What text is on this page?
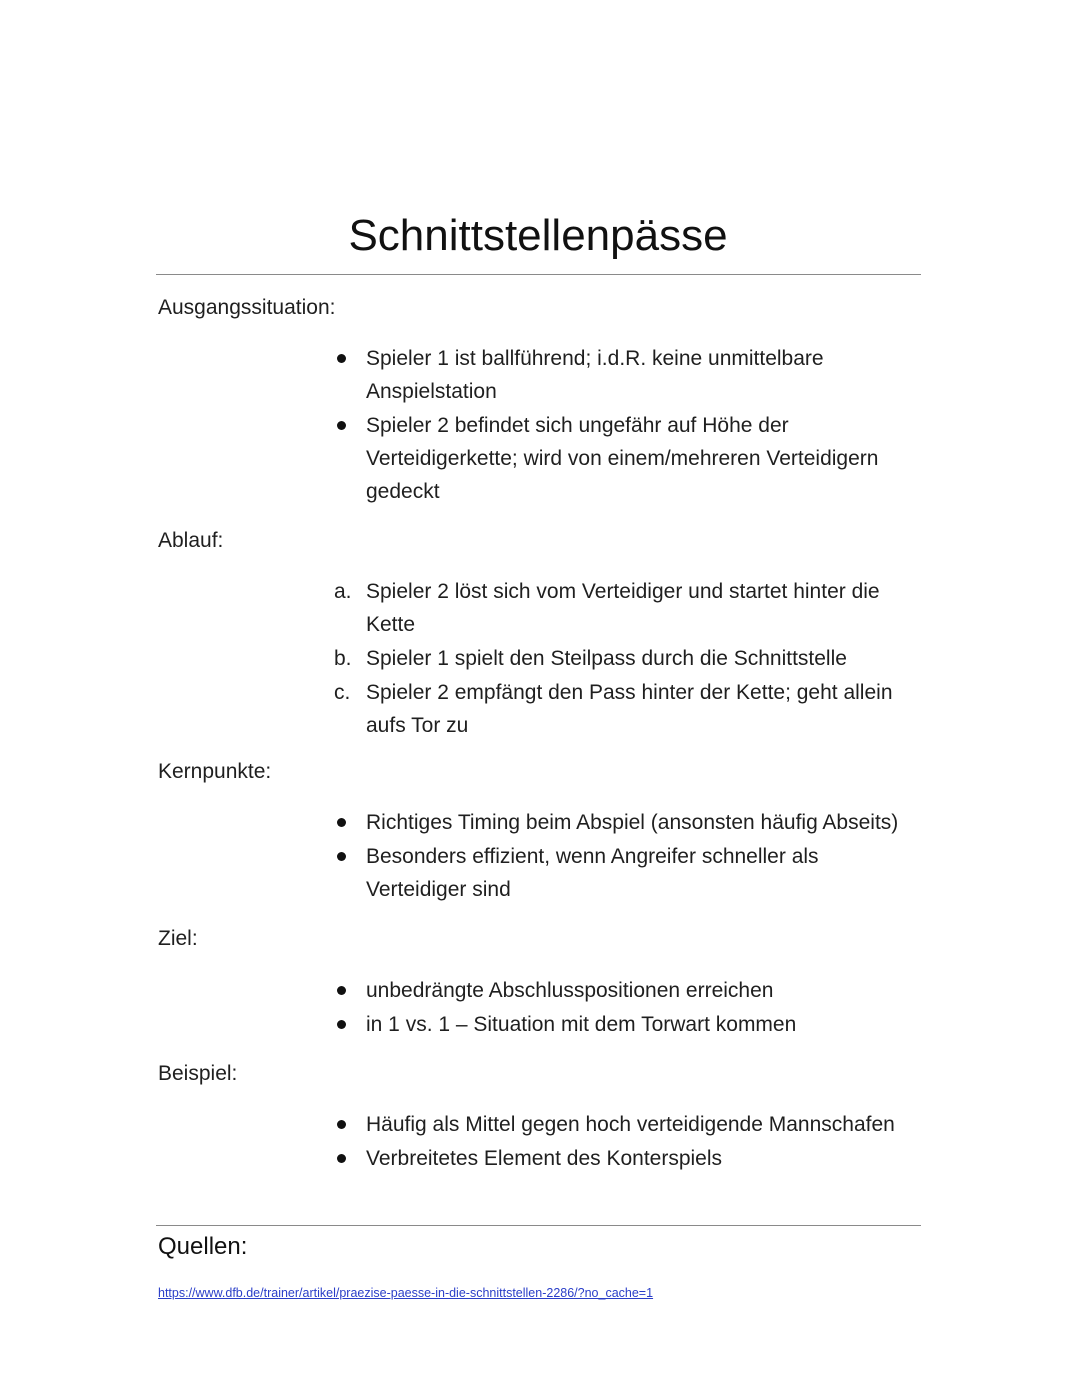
Schnittstellenpässe
Ausgangssituation:
Spieler 1 ist ballführend; i.d.R. keine unmittelbare Anspielstation
Spieler 2 befindet sich ungefähr auf Höhe der Verteidigerkette; wird von einem/mehreren Verteidigern gedeckt
Ablauf:
a. Spieler 2 löst sich vom Verteidiger und startet hinter die Kette
b. Spieler 1 spielt den Steilpass durch die Schnittstelle
c. Spieler 2 empfängt den Pass hinter der Kette; geht allein aufs Tor zu
Kernpunkte:
Richtiges Timing beim Abspiel (ansonsten häufig Abseits)
Besonders effizient, wenn Angreifer schneller als Verteidiger sind
Ziel:
unbedrängte Abschlusspositionen erreichen
in 1 vs. 1 – Situation mit dem Torwart kommen
Beispiel:
Häufig als Mittel gegen hoch verteidigende Mannschafen
Verbreitetes Element des Konterspiels
Quellen:
https://www.dfb.de/trainer/artikel/praezise-paesse-in-die-schnittstellen-2286/?no_cache=1
